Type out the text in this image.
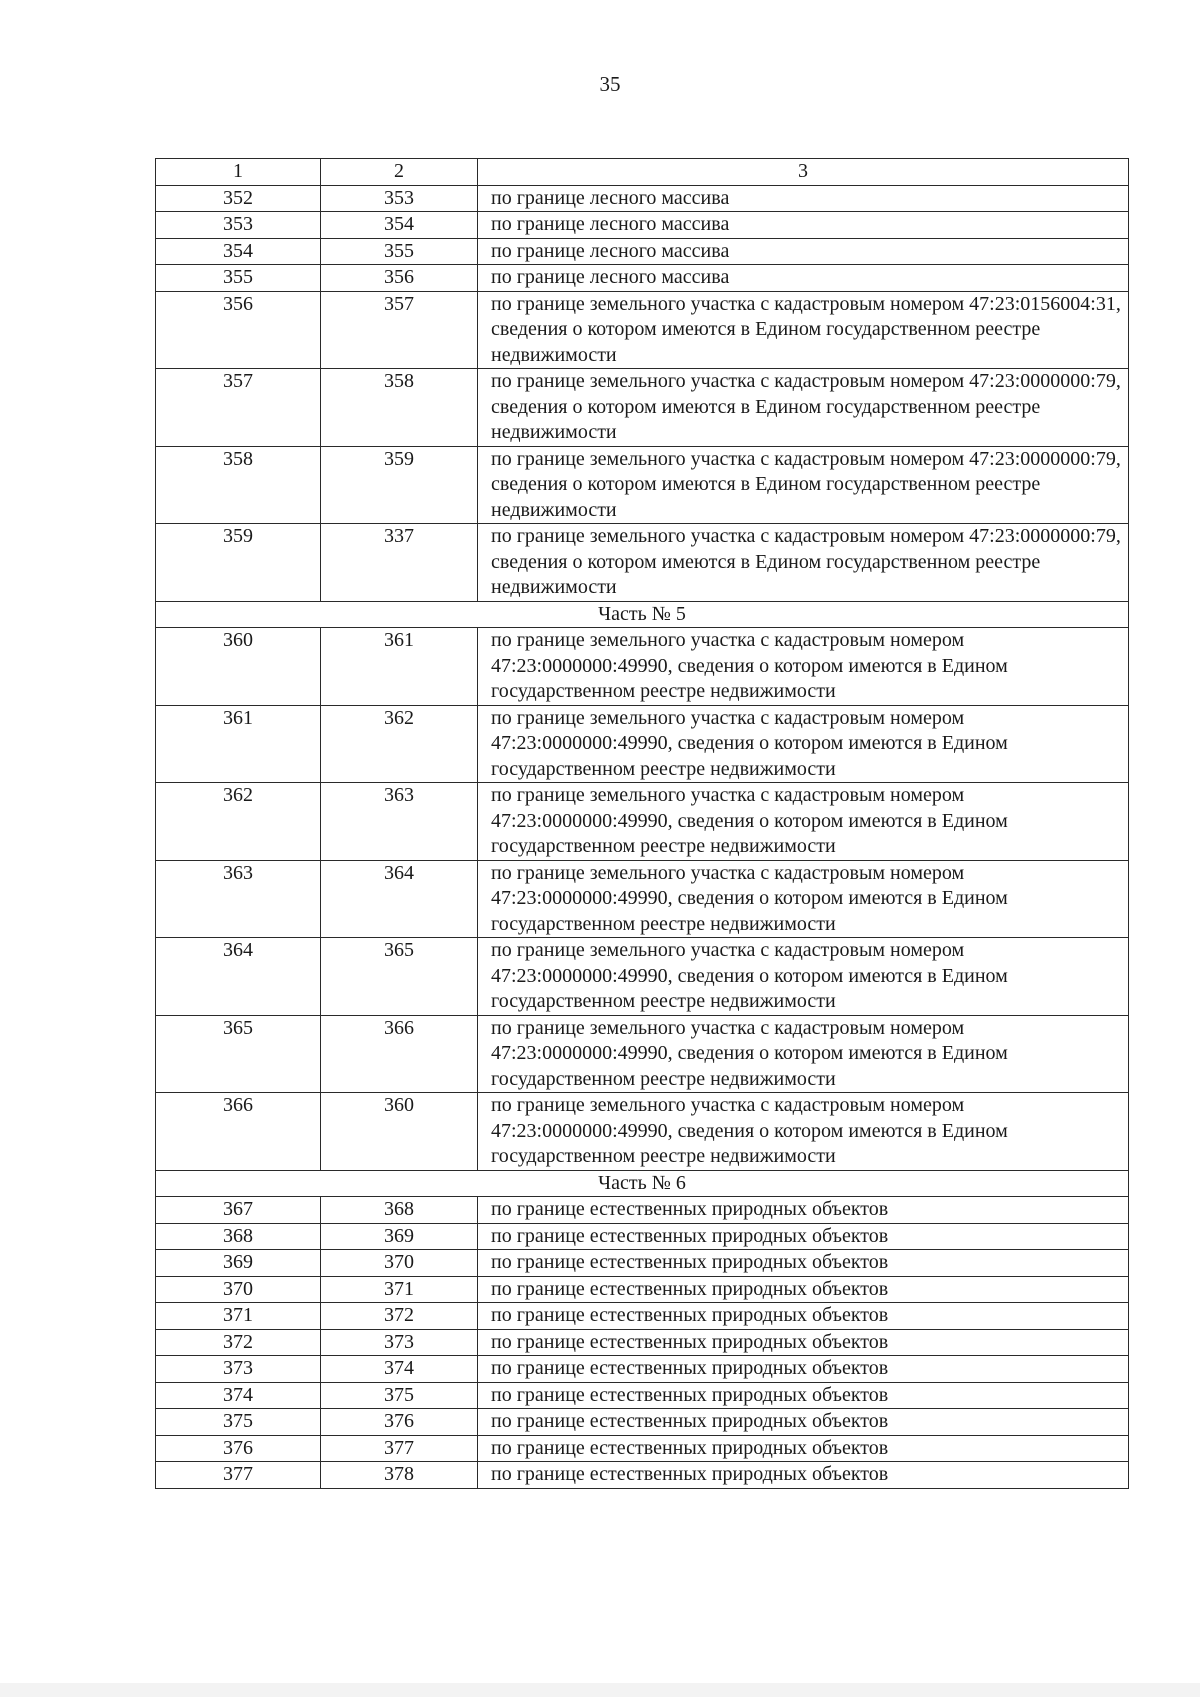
35
1	2	3
352	353	по границе лесного массива
353	354	по границе лесного массива
354	355	по границе лесного массива
355	356	по границе лесного массива
356	357	по границе земельного участка с кадастровым номером 47:23:0156004:31, сведения о котором имеются в Едином государственном реестре недвижимости
357	358	по границе земельного участка с кадастровым номером 47:23:0000000:79, сведения о котором имеются в Едином государственном реестре недвижимости
358	359	по границе земельного участка с кадастровым номером 47:23:0000000:79, сведения о котором имеются в Едином государственном реестре недвижимости
359	337	по границе земельного участка с кадастровым номером 47:23:0000000:79, сведения о котором имеются в Едином государственном реестре недвижимости
Часть № 5		
360	361	по границе земельного участка с кадастровым номером 47:23:0000000:49990, сведения о котором имеются в Едином государственном реестре недвижимости
361	362	по границе земельного участка с кадастровым номером 47:23:0000000:49990, сведения о котором имеются в Едином государственном реестре недвижимости
362	363	по границе земельного участка с кадастровым номером 47:23:0000000:49990, сведения о котором имеются в Едином государственном реестре недвижимости
363	364	по границе земельного участка с кадастровым номером 47:23:0000000:49990, сведения о котором имеются в Едином государственном реестре недвижимости
364	365	по границе земельного участка с кадастровым номером 47:23:0000000:49990, сведения о котором имеются в Едином государственном реестре недвижимости
365	366	по границе земельного участка с кадастровым номером 47:23:0000000:49990, сведения о котором имеются в Едином государственном реестре недвижимости
366	360	по границе земельного участка с кадастровым номером 47:23:0000000:49990, сведения о котором имеются в Едином государственном реестре недвижимости
Часть № 6		
367	368	по границе естественных природных объектов
368	369	по границе естественных природных объектов
369	370	по границе естественных природных объектов
370	371	по границе естественных природных объектов
371	372	по границе естественных природных объектов
372	373	по границе естественных природных объектов
373	374	по границе естественных природных объектов
374	375	по границе естественных природных объектов
375	376	по границе естественных природных объектов
376	377	по границе естественных природных объектов
377	378	по границе естественных природных объектов
